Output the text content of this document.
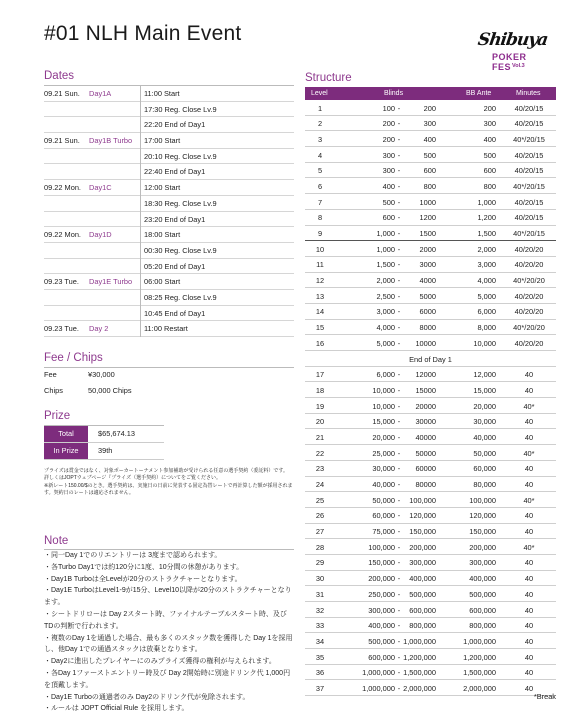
#01 NLH Main Event	Shibuya
POKER FES Vol.3
Dates
09.21 Sun. Day1A	11:00 Start
17:30 Reg. Close Lv.9
22:20 End of Day1
09.21 Sun. Day1B Turbo 17:00 Start
20:10 Reg. Close Lv.9
22:40 End of Day1
09.22 Mon. Day1C	12:00 Start
18:30 Reg. Close Lv.9
23:20 End of Day1
09.22 Mon. Day1D	18:00 Start
00:30 Reg. Close Lv.9
05:20 End of Day1
09.23 Tue. Day1E Turbo 06:00 Start
08:25 Reg. Close Lv.9
10:45 End of Day1
09.23 Tue. Day 2	11:00 Restart
Fee / Chips
Fee	¥30,000
Chips	50,000 Chips
Prize
Total	$65,674.13
In Prize	39th
プライズは賞金ではなく、対象ポーカートーナメント参加補助が受けられる任意の選手契約（委託料）です。
詳しくはJOPTウェブページ『プライズ（選手契約）についてをご覧ください。
※新レート150.00/$のとき。選手契約は、実施日の日前に発表する固定為替レートで再計算した額が採用されます。契約日のレートは適応されません。
Note
・同一Day 1でのリエントリーは 3度まで認められます。
・各Turbo Day1では約120分に1度、10分間の休憩があります。
・Day1B Turboは全Levelが20分のストラクチャーとなります。
・Day1E TurboはLevel1-9が15分、Level10以降が20分のストラクチャーとなります。
・シートドリローは Day 2スタート時、ファイナルテーブルスタート時、及びTDの判断で行われます。
・複数のDay 1を通過した場合、最も多くのスタック数を獲得した Day 1を採用し、他Day 1での通過スタックは放棄となります。
・Day2に進出したプレイヤーにのみプライズ獲得の権利が与えられます。
・各Day 1ファーストエントリー時及び Day 2開始時に別途ドリンク代 1,000円を頂戴します。
・Day1E Turboの通過者のみ Day2のドリンク代が免除されます。
・ルールは JOPT Official Rule を採用します。
Structure
Level	Blinds	BB Ante	Minutes
1	100 -	200	200	40/20/15
2	200 -	300	300	40/20/15
3	200 -	400	400	40*/20/15
4	300 -	500	500	40/20/15
5	300 -	600	600	40/20/15
6	400 -	800	800	40*/20/15
7	500 -	1000	1,000	40/20/15
8	600 -	1200	1,200	40/20/15
9	1,000 -	1500	1,500	40*/20/15
10	1,000 -	2000	2,000	40/20/20
11	1,500 -	3000	3,000	40/20/20
12	2,000 -	4000	4,000	40*/20/20
13	2,500 -	5000	5,000	40/20/20
14	3,000 -	6000	6,000	40/20/20
15	4,000 -	8000	8,000	40*/20/20
16	5,000 -	10000	10,000	40/20/20
End of Day 1
17	6,000 -	12000	12,000	40
18	10,000 -	15000	15,000	40
19	10,000 -	20000	20,000	40*
20	15,000 -	30000	30,000	40
21	20,000 -	40000	40,000	40
22	25,000 -	50000	50,000	40*
23	30,000 -	60000	60,000	40
24	40,000 -	80000	80,000	40
25	50,000 -	100,000	100,000	40*
26	60,000 -	120,000	120,000	40
27	75,000 -	150,000	150,000	40
28	100,000 -	200,000	200,000	40*
29	150,000 -	300,000	300,000	40
30	200,000 -	400,000	400,000	40
31	250,000 -	500,000	500,000	40
32	300,000 -	600,000	600,000	40
33	400,000 -	800,000	800,000	40
34	500,000 - 1,000,000	1,000,000	40
35	600,000 - 1,200,000	1,200,000	40
36	1,000,000 - 1,500,000	1,500,000	40
37	1,000,000 - 2,000,000	2,000,000	40
*Break
